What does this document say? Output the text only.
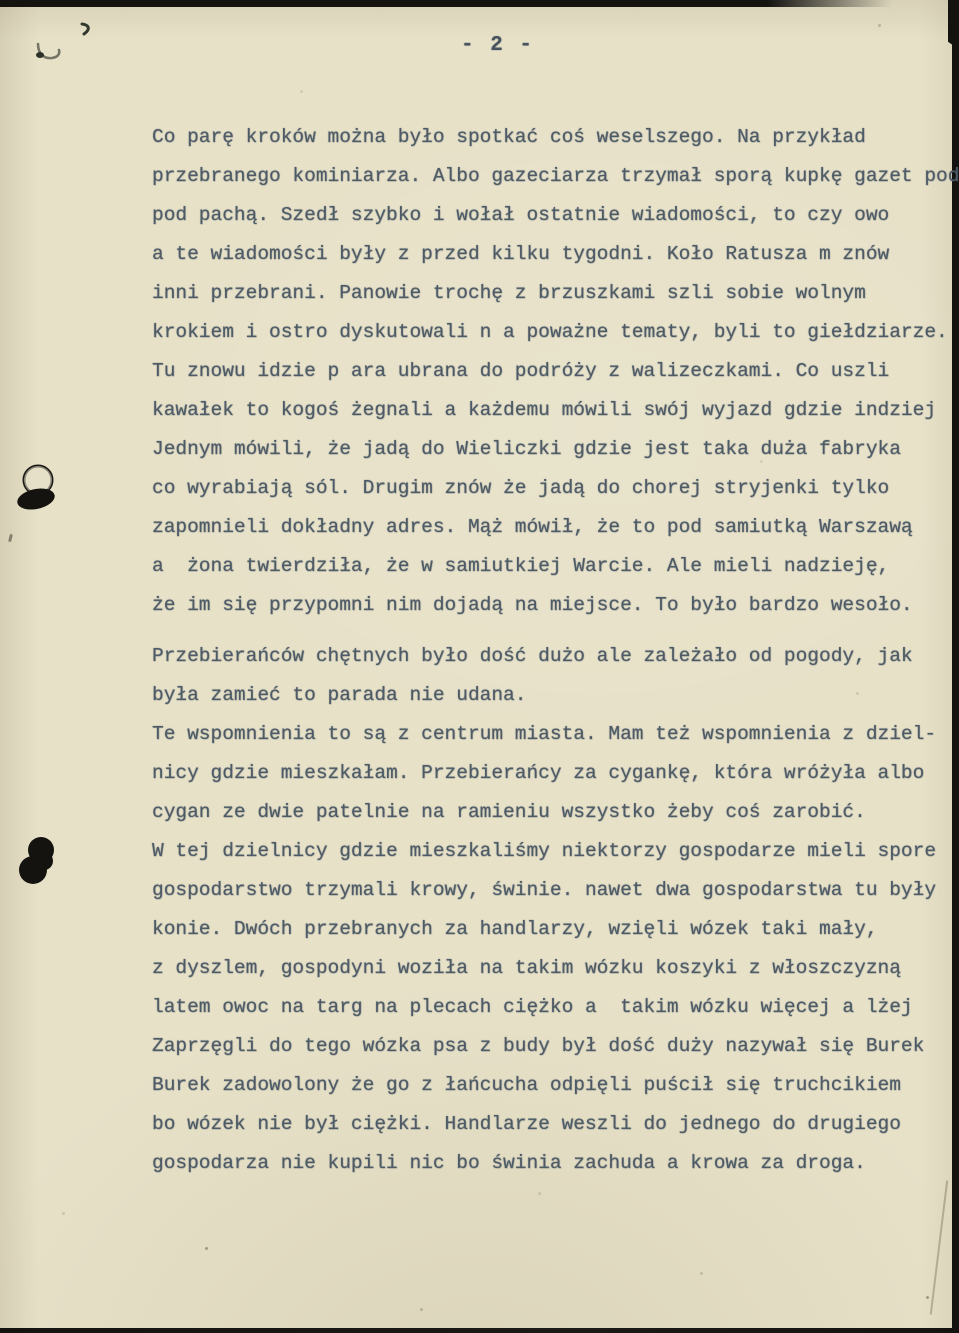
- 2 -
Co parę kroków można było spotkać coś weselszego. Na przykład
przebranego kominiarza. Albo gazeciarza trzymał sporą kupkę gazet pod
pod pachą. Szedł szybko i wołał ostatnie wiadomości, to czy owo
a te wiadomości były z przed kilku tygodni. Koło Ratusza m znów
inni przebrani. Panowie trochę z brzuszkami szli sobie wolnym
krokiem i ostro dyskutowali n a poważne tematy, byli to giełdziarze.
Tu znowu idzie p ara ubrana do podróży z walizeczkami. Co uszli
kawałek to kogoś żegnali a każdemu mówili swój wyjazd gdzie indziej
Jednym mówili, że jadą do Wieliczki gdzie jest taka duża fabryka
co wyrabiają sól. Drugim znów że jadą do chorej stryjenki tylko
zapomnieli dokładny adres. Mąż mówił, że to pod samiutką Warszawą
a  żona twierdziła, że w samiutkiej Warcie. Ale mieli nadzieję,
że im się przypomni nim dojadą na miejsce. To było bardzo wesoło.
Przebierańców chętnych było dość dużo ale zależało od pogody, jak
była zamieć to parada nie udana.
Te wspomnienia to są z centrum miasta. Mam też wspomnienia z dziel-
nicy gdzie mieszkałam. Przebierańcy za cygankę, która wróżyła albo
cygan ze dwie patelnie na ramieniu wszystko żeby coś zarobić.
W tej dzielnicy gdzie mieszkaliśmy niektorzy gospodarze mieli spore
gospodarstwo trzymali krowy, świnie. nawet dwa gospodarstwa tu były
konie. Dwóch przebranych za handlarzy, wzięli wózek taki mały,
z dyszlem, gospodyni woziła na takim wózku koszyki z włoszczyzną
latem owoc na targ na plecach ciężko a  takim wózku więcej a lżej
Zaprzęgli do tego wózka psa z budy był dość duży nazywał się Burek
Burek zadowolony że go z łańcucha odpięli puścił się truchcikiem
bo wózek nie był ciężki. Handlarze weszli do jednego do drugiego
gospodarza nie kupili nic bo świnia zachuda a krowa za droga.
